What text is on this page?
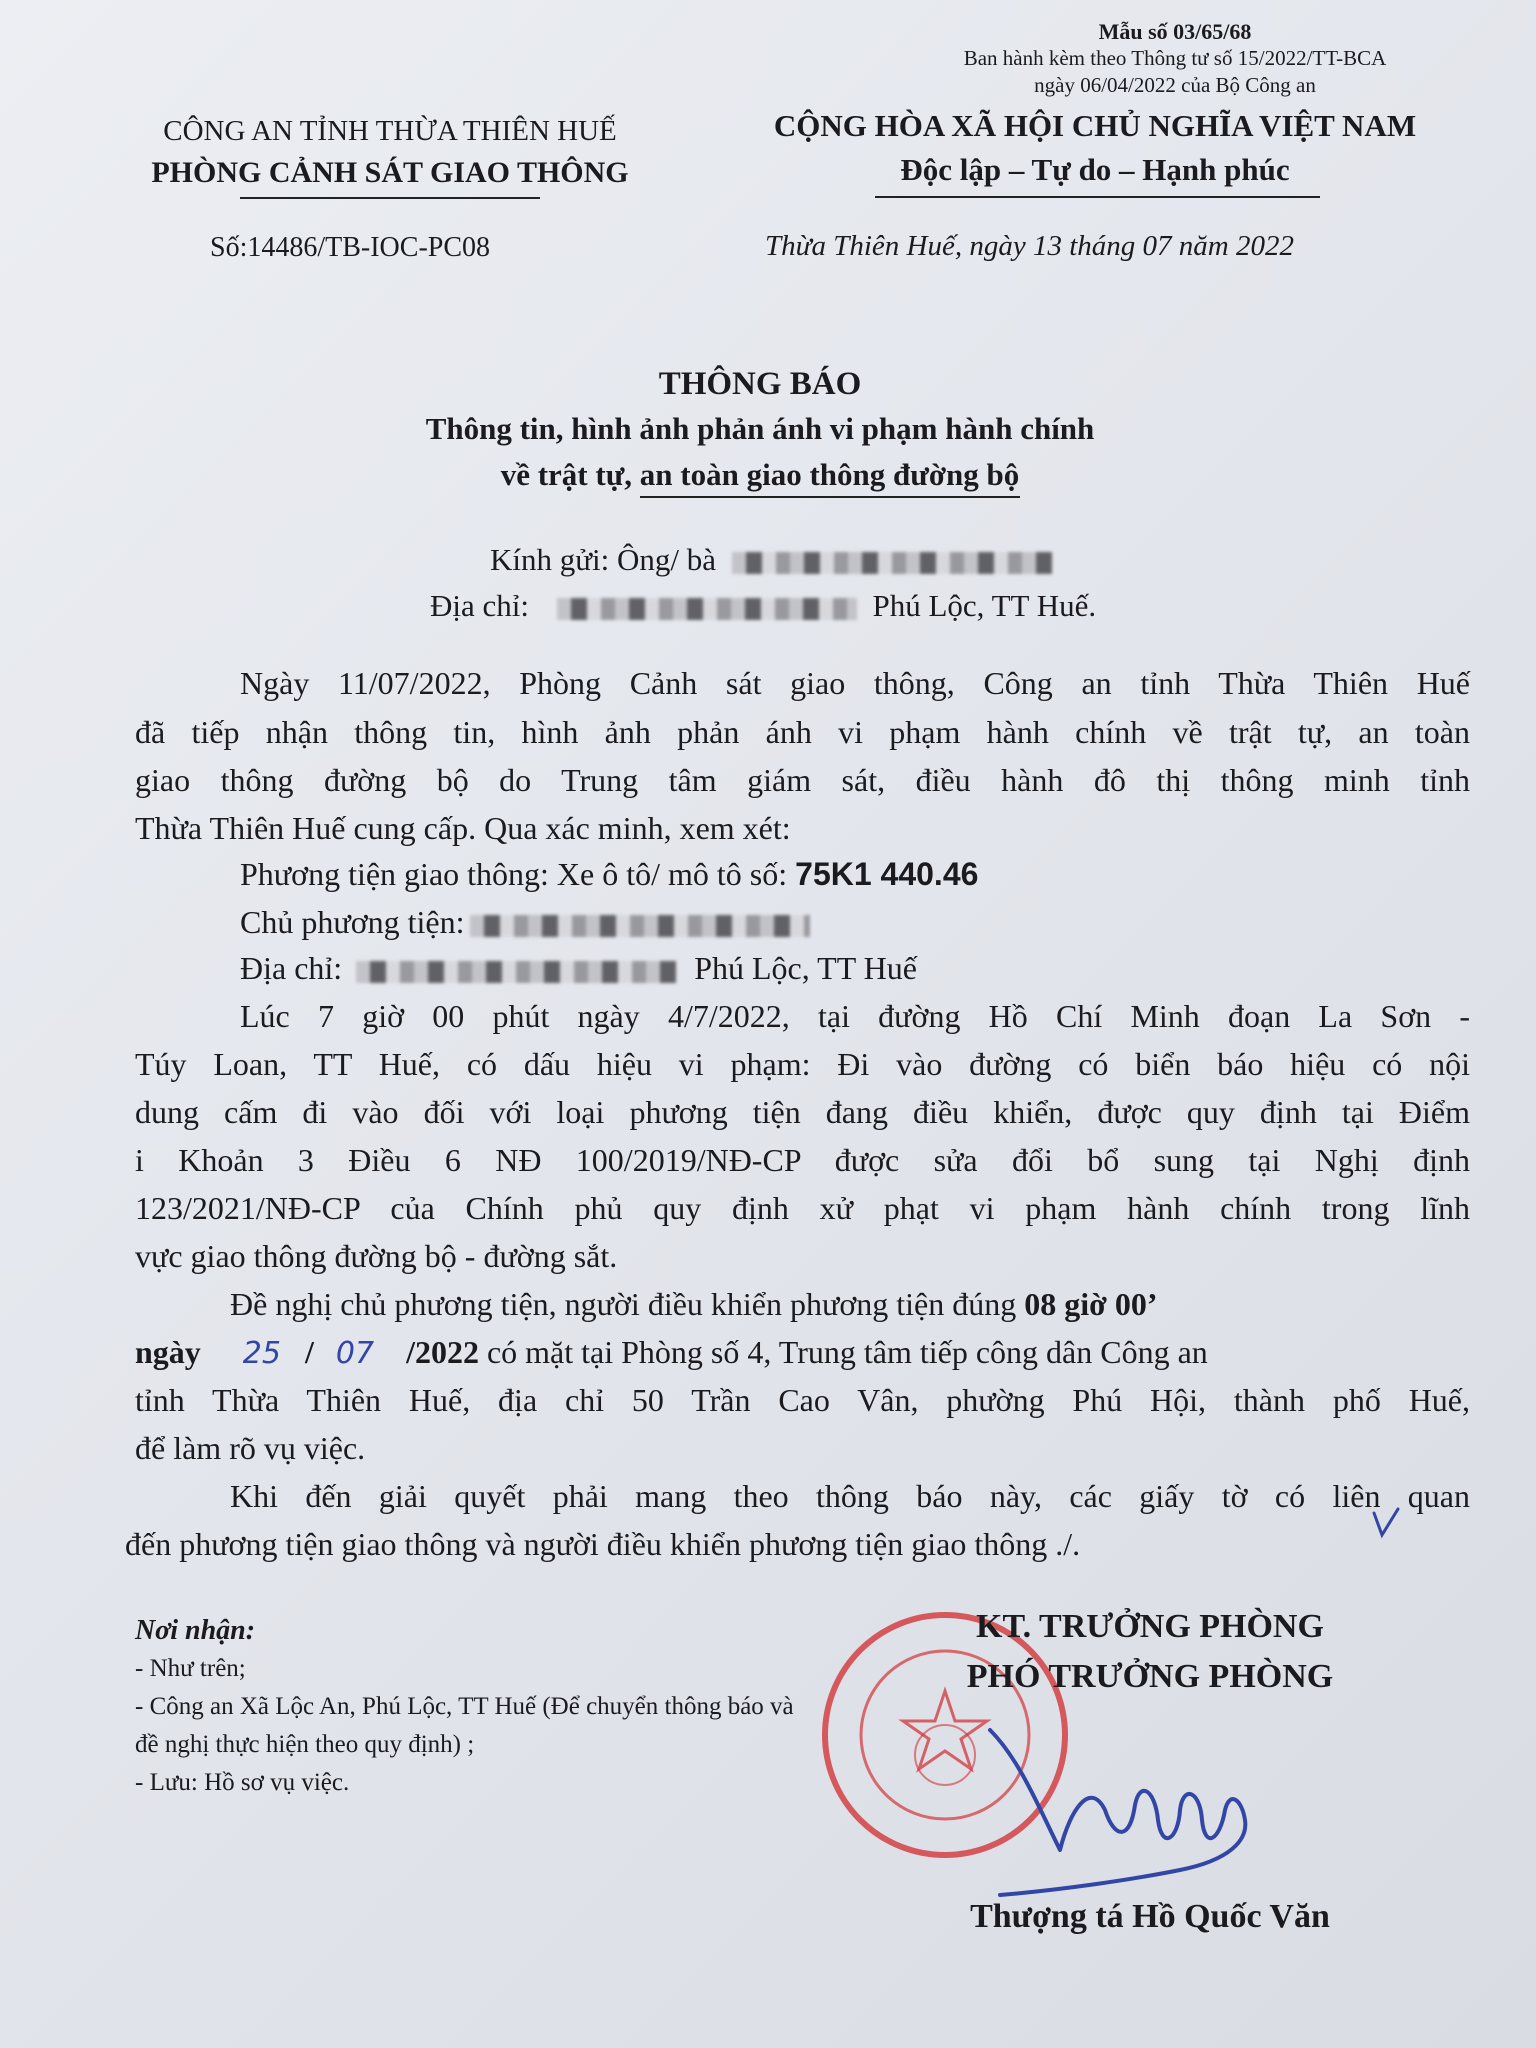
Mẫu số 03/65/68
Ban hành kèm theo Thông tư số 15/2022/TT-BCA
ngày 06/04/2022 của Bộ Công an
CÔNG AN TỈNH THỪA THIÊN HUẾ
PHÒNG CẢNH SÁT GIAO THÔNG
CỘNG HÒA XÃ HỘI CHỦ NGHĨA VIỆT NAM
Độc lập – Tự do – Hạnh phúc
Số:14486/TB-IOC-PC08	Thừa Thiên Huế, ngày 13 tháng 07 năm 2022
THÔNG BÁO
Thông tin, hình ảnh phản ánh vi phạm hành chính
về trật tự, an toàn giao thông đường bộ
Kính gửi: Ông/ bà
Địa chỉ:	Phú Lộc, TT Huế.
Ngày 11/07/2022, Phòng Cảnh sát giao thông, Công an tỉnh Thừa Thiên Huế
đã tiếp nhận thông tin, hình ảnh phản ánh vi phạm hành chính về trật tự, an toàn
giao thông đường bộ do Trung tâm giám sát, điều hành đô thị thông minh tỉnh
Thừa Thiên Huế cung cấp. Qua xác minh, xem xét:
Phương tiện giao thông: Xe ô tô/ mô tô số: 75K1 440.46
Chủ phương tiện:
Địa chỉ:	Phú Lộc, TT Huế
Lúc 7 giờ 00 phút ngày 4/7/2022, tại đường Hồ Chí Minh đoạn La Sơn -
Túy Loan, TT Huế, có dấu hiệu vi phạm: Đi vào đường có biển báo hiệu có nội
dung cấm đi vào đối với loại phương tiện đang điều khiển, được quy định tại Điểm
i Khoản 3 Điều 6 NĐ 100/2019/NĐ-CP được sửa đổi bổ sung tại Nghị định
123/2021/NĐ-CP của Chính phủ quy định xử phạt vi phạm hành chính trong lĩnh
vực giao thông đường bộ - đường sắt.
Đề nghị chủ phương tiện, người điều khiển phương tiện đúng 08 giờ 00’
ngày 25 / 07 /2022 có mặt tại Phòng số 4, Trung tâm tiếp công dân Công an
tỉnh Thừa Thiên Huế, địa chỉ 50 Trần Cao Vân, phường Phú Hội, thành phố Huế,
để làm rõ vụ việc.
Khi đến giải quyết phải mang theo thông báo này, các giấy tờ có liên quan
đến phương tiện giao thông và người điều khiển phương tiện giao thông ./.
Nơi nhận:
- Như trên;
- Công an Xã Lộc An, Phú Lộc, TT Huế (Để chuyển thông báo và đề nghị thực hiện theo quy định) ;
- Lưu: Hồ sơ vụ việc.
KT. TRƯỞNG PHÒNG
PHÓ TRƯỞNG PHÒNG
Thượng tá Hồ Quốc Văn
